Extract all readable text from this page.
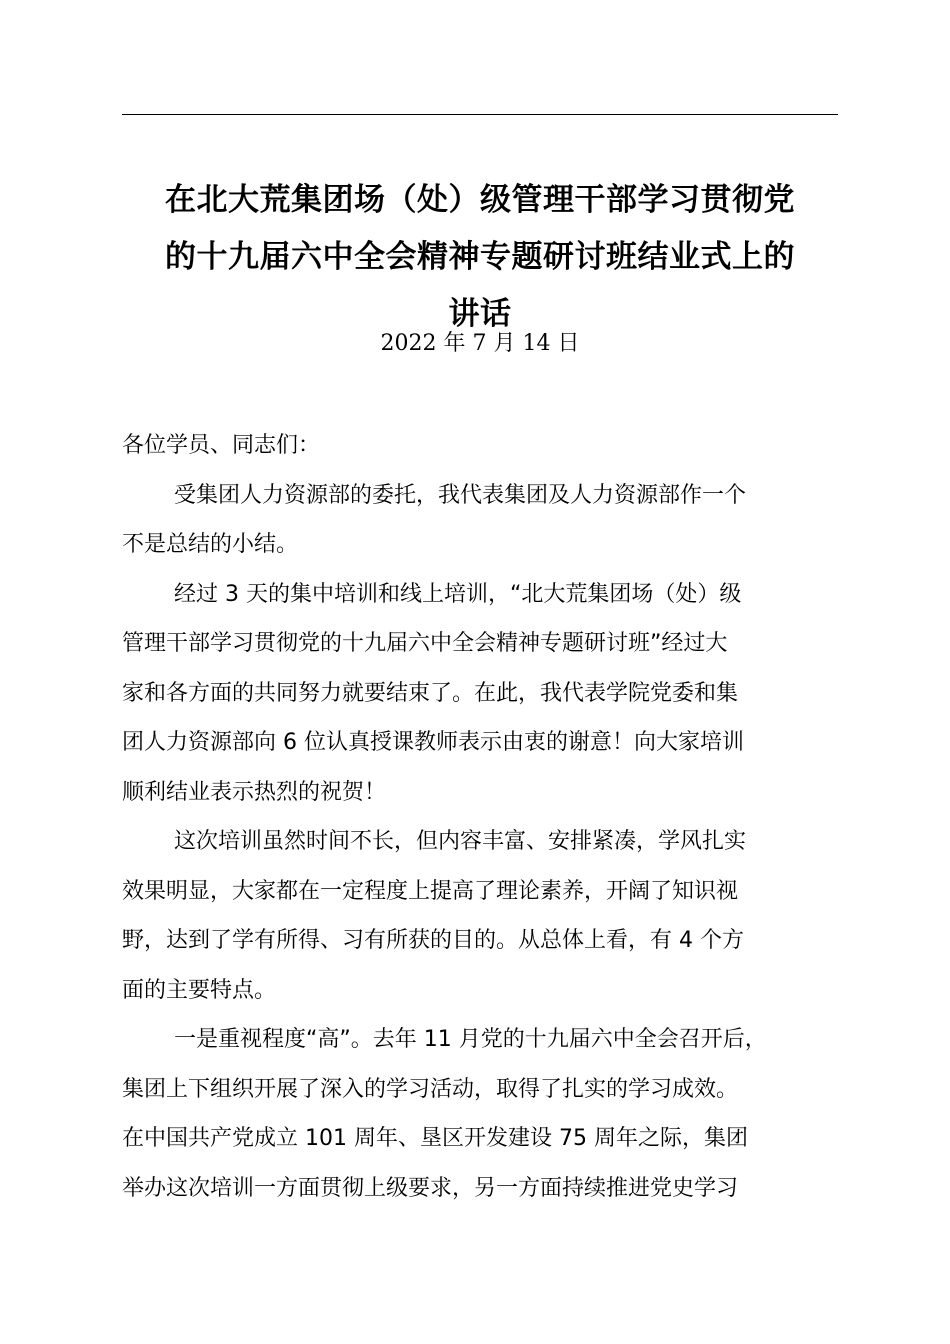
在北大荒集团场（处）级管理干部学习贯彻党
的十九届六中全会精神专题研讨班结业式上的
讲话
2022 年 7 月 14 日

各位学员、同志们：

受集团人力资源部的委托，我代表集团及人力资源部作一个
不是总结的小结。

经过 3 天的集中培训和线上培训，“北大荒集团场（处）级
管理干部学习贯彻党的十九届六中全会精神专题研讨班”经过大
家和各方面的共同努力就要结束了。在此，我代表学院党委和集
团人力资源部向 6 位认真授课教师表示由衷的谢意！向大家培训
顺利结业表示热烈的祝贺！

这次培训虽然时间不长，但内容丰富、安排紧凑，学风扎实
效果明显，大家都在一定程度上提高了理论素养，开阔了知识视
野，达到了学有所得、习有所获的目的。从总体上看，有 4 个方
面的主要特点。

一是重视程度“高”。去年 11 月党的十九届六中全会召开后，
集团上下组织开展了深入的学习活动，取得了扎实的学习成效。
在中国共产党成立 101 周年、垦区开发建设 75 周年之际，集团
举办这次培训一方面贯彻上级要求，另一方面持续推进党史学习
